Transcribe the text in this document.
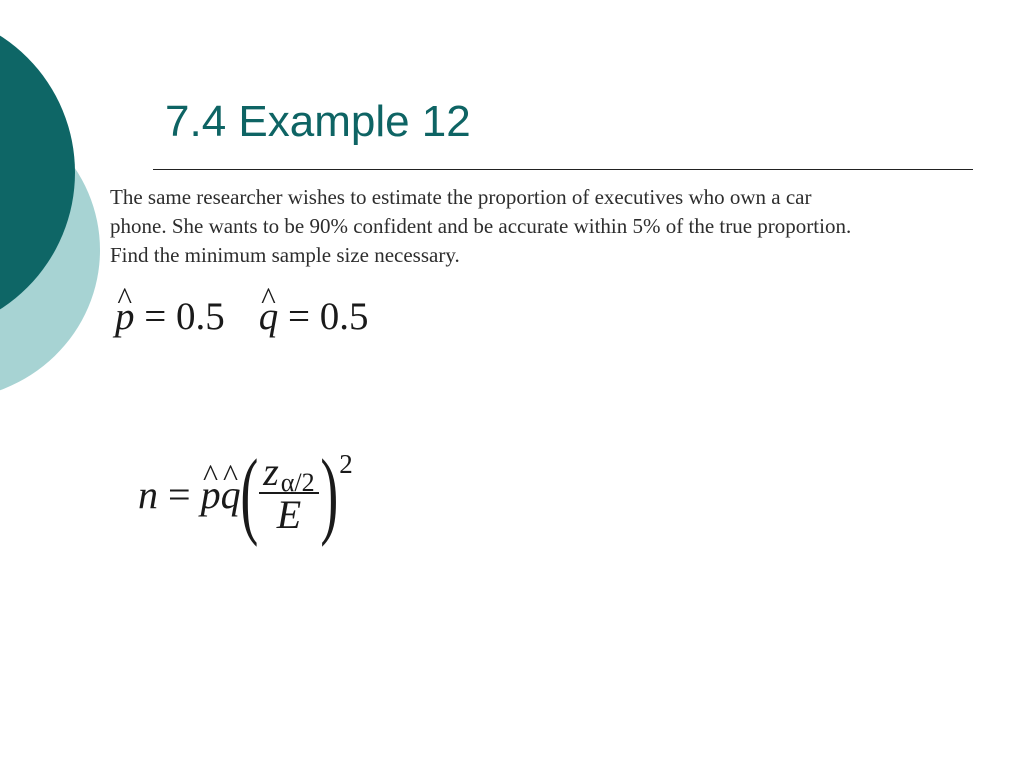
7.4 Example 12
The same researcher wishes to estimate the proportion of executives who own a car
phone. She wants to be 90% confident and be accurate within 5% of the true proportion.
Find the minimum sample size necessary.
^ p = 0.5 ^ q = 0.5
n = ^ p ^ q ( $\frac{z\alpha/2}{E}$ ) 2
